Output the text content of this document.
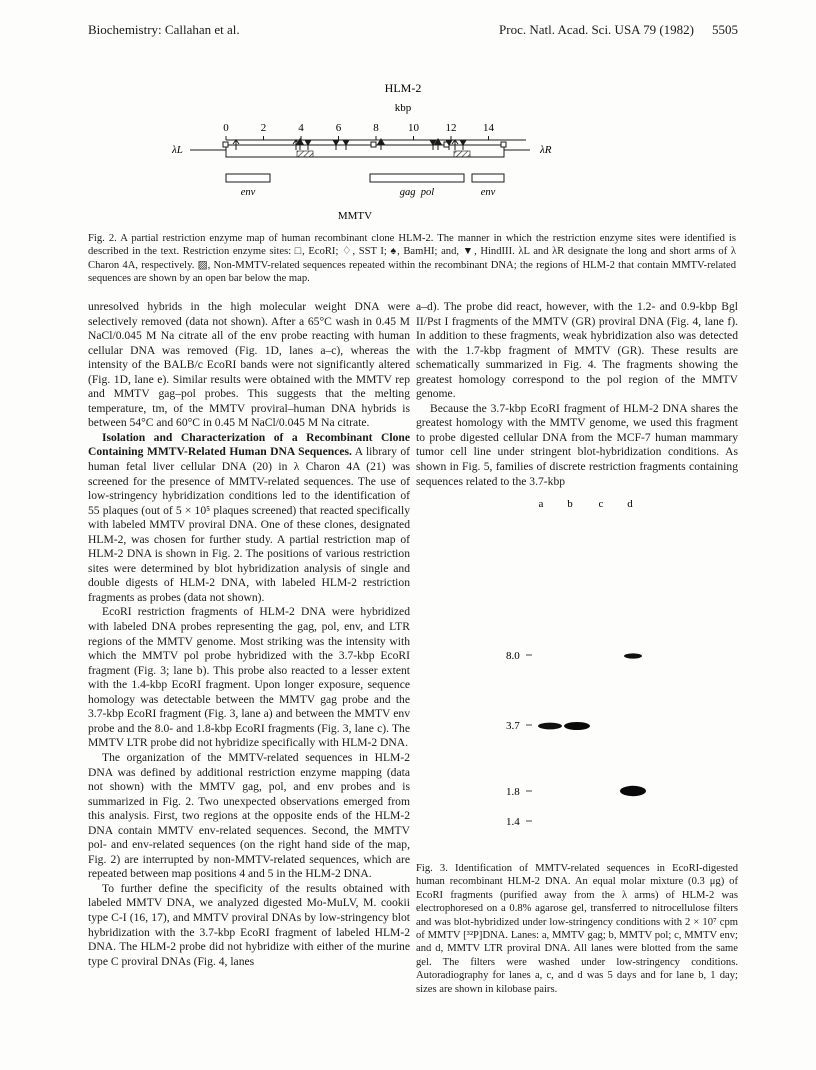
Biochemistry: Callahan et al.	Proc. Natl. Acad. Sci. USA 79 (1982) 5505
HLM-2
kbp
0	2	4	6	8	10 12 14
λL	λR
env	gag  pol	env
MMTV
Fig. 2. A partial restriction enzyme map of human recombinant clone HLM-2. The manner in which the restriction enzyme sites were identified is described in the text. Restriction enzyme sites: □, EcoRI; ♢, SST I; ♠, BamHI; and, ▼, HindIII. λL and λR designate the long and short arms of λ Charon 4A, respectively. ▨, Non-MMTV-related sequences repeated within the recombinant DNA; the regions of HLM-2 that contain MMTV-related sequences are shown by an open bar below the map.

unresolved hybrids in the high molecular weight DNA were selectively removed (data not shown). After a 65°C wash in 0.45 M NaCl/0.045 M Na citrate all of the env probe reacting with human cellular DNA was removed (Fig. 1D, lanes a–c), whereas the intensity of the BALB/c EcoRI bands were not significantly altered (Fig. 1D, lane e). Similar results were obtained with the MMTV rep and MMTV gag–pol probes. This suggests that the melting temperature, tm, of the MMTV proviral–human DNA hybrids is between 54°C and 60°C in 0.45 M NaCl/0.045 M Na citrate.

Isolation and Characterization of a Recombinant Clone Containing MMTV-Related Human DNA Sequences. A library of human fetal liver cellular DNA (20) in λ Charon 4A (21) was screened for the presence of MMTV-related sequences. The use of low-stringency hybridization conditions led to the identification of 55 plaques (out of 5 × 10⁵ plaques screened) that reacted specifically with labeled MMTV proviral DNA. One of these clones, designated HLM-2, was chosen for further study. A partial restriction map of HLM-2 DNA is shown in Fig. 2. The positions of various restriction sites were determined by blot hybridization analysis of single and double digests of HLM-2 DNA, with labeled HLM-2 restriction fragments as probes (data not shown).

EcoRI restriction fragments of HLM-2 DNA were hybridized with labeled DNA probes representing the gag, pol, env, and LTR regions of the MMTV genome. Most striking was the intensity with which the MMTV pol probe hybridized with the 3.7-kbp EcoRI fragment (Fig. 3; lane b). This probe also reacted to a lesser extent with the 1.4-kbp EcoRI fragment. Upon longer exposure, sequence homology was detectable between the MMTV gag probe and the 3.7-kbp EcoRI fragment (Fig. 3, lane a) and between the MMTV env probe and the 8.0- and 1.8-kbp EcoRI fragments (Fig. 3, lane c). The MMTV LTR probe did not hybridize specifically with HLM-2 DNA.

The organization of the MMTV-related sequences in HLM-2 DNA was defined by additional restriction enzyme mapping (data not shown) with the MMTV gag, pol, and env probes and is summarized in Fig. 2. Two unexpected observations emerged from this analysis. First, two regions at the opposite ends of the HLM-2 DNA contain MMTV env-related sequences. Second, the MMTV pol- and env-related sequences (on the right hand side of the map, Fig. 2) are interrupted by non-MMTV-related sequences, which are repeated between map positions 4 and 5 in the HLM-2 DNA.

To further define the specificity of the results obtained with labeled MMTV DNA, we analyzed digested Mo-MuLV, M. cookii type C-I (16, 17), and MMTV proviral DNAs by low-stringency blot hybridization with the 3.7-kbp EcoRI fragment of labeled HLM-2 DNA. The HLM-2 probe did not hybridize with either of the murine type C proviral DNAs (Fig. 4, lanes

a–d). The probe did react, however, with the 1.2- and 0.9-kbp Bgl II/Pst I fragments of the MMTV (GR) proviral DNA (Fig. 4, lane f). In addition to these fragments, weak hybridization also was detected with the 1.7-kbp fragment of MMTV (GR). These results are schematically summarized in Fig. 4. The fragments showing the greatest homology correspond to the pol region of the MMTV genome.

Because the 3.7-kbp EcoRI fragment of HLM-2 DNA shares the greatest homology with the MMTV genome, we used this fragment to probe digested cellular DNA from the MCF-7 human mammary tumor cell line under stringent blot-hybridization conditions. As shown in Fig. 5, families of discrete restriction fragments containing sequences related to the 3.7-kbp

a b c d
8.0
3.7
1.8
1.4
Fig. 3. Identification of MMTV-related sequences in EcoRI-digested human recombinant HLM-2 DNA. An equal molar mixture (0.3 μg) of EcoRI fragments (purified away from the λ arms) of HLM-2 was electrophoresed on a 0.8% agarose gel, transferred to nitrocellulose filters and was blot-hybridized under low-stringency conditions with 2 × 10⁷ cpm of MMTV [³²P]DNA. Lanes: a, MMTV gag; b, MMTV pol; c, MMTV env; and d, MMTV LTR proviral DNA. All lanes were blotted from the same gel. The filters were washed under low-stringency conditions. Autoradiography for lanes a, c, and d was 5 days and for lane b, 1 day; sizes are shown in kilobase pairs.
